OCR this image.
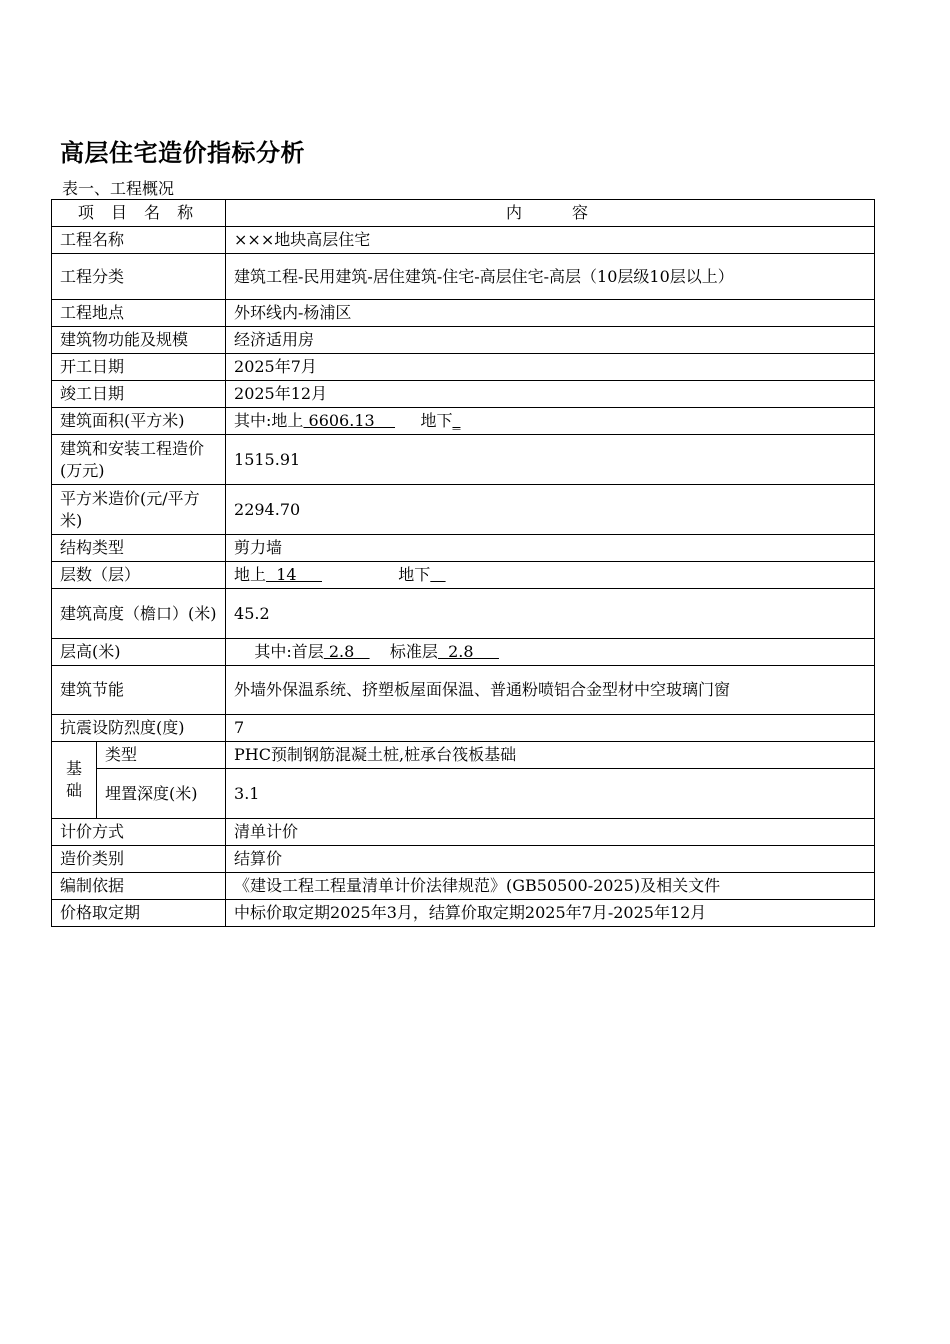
高层住宅造价指标分析
表一、工程概况
项 目 名 称		内　　容
工程名称		×××地块高层住宅
工程分类		建筑工程-民用建筑-居住建筑-住宅-高层住宅-高层（10层级10层以上）
工程地点		外环线内-杨浦区
建筑物功能及规模		经济适用房
开工日期		2025年7月
竣工日期		2025年12月
建筑面积(平方米)		其中:地上 6606.13         地下_
建筑和安装工程造价(万元)		1515.91
平方米造价(元/平方米)		2294.70
结构类型		剪力墙
层数（层）		地上  14 地下
建筑高度（檐口）(米)		45.2
层高(米)		其中:首层 2.8       标准层  2.8
建筑节能		外墙外保温系统、挤塑板屋面保温、普通粉喷铝合金型材中空玻璃门窗
抗震设防烈度(度)		7

基础	类型	PHC预制钢筋混凝土桩,桩承台筏板基础
	埋置深度(米)	3.1
计价方式		清单计价
造价类别		结算价
编制依据		《建设工程工程量清单计价法律规范》(GB50500-2025)及相关文件
价格取定期		中标价取定期2025年3月，结算价取定期2025年7月-2025年12月
